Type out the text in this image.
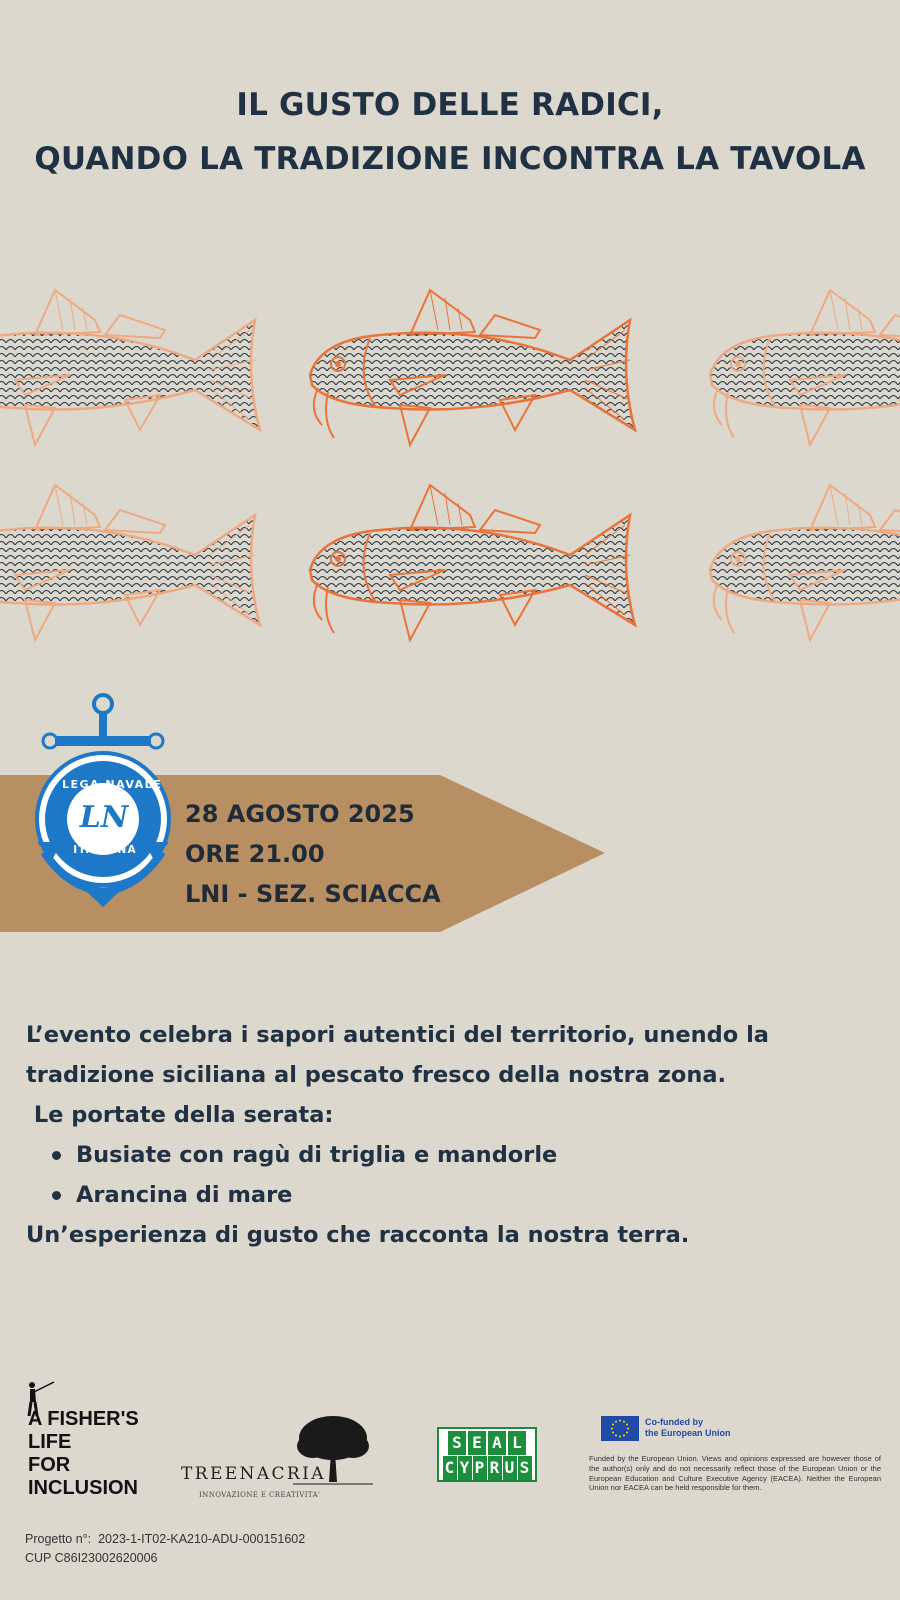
IL GUSTO DELLE RADICI,
QUANDO LA TRADIZIONE INCONTRA LA TAVOLA
LEGA NAVALE
LN
ITALIANA
28 AGOSTO 2025
ORE 21.00
LNI - SEZ. SCIACCA

L’evento celebra i sapori autentici del territorio, unendo la

tradizione siciliana al pescato fresco della nostra zona.

Le portate della serata:

Busiate con ragù di triglia e mandorle
Arancina di mare

Un’esperienza di gusto che racconta la nostra terra.

A FISHER'S
LIFE
FOR
INCLUSION
TREENACRIA
INNOVAZIONE E CREATIVITA'
S E A L
C Y P R U S
Co-funded by
the European Union
Funded by the European Union. Views and opinions expressed are however those of the author(s) only and do not necessarily reflect those of the European Union or the European Education and Culture Executive Agency (EACEA). Neither the European Union nor EACEA can be held responsible for them.
Progetto n°:  2023-1-IT02-KA210-ADU-000151602
CUP C86I23002620006
